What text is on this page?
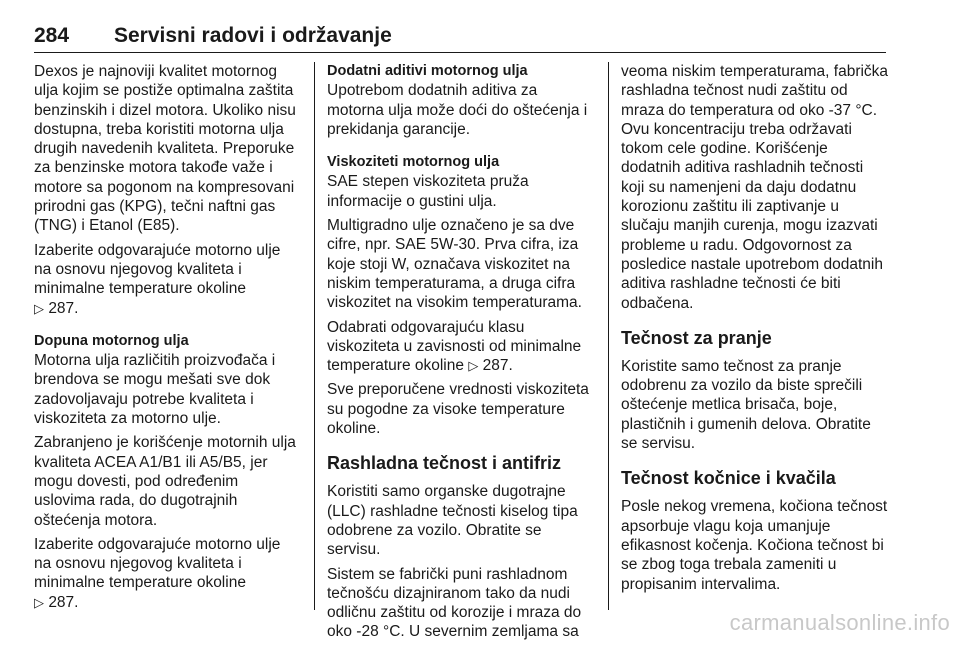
284 Servisni radovi i održavanje

Dexos je najnoviji kvalitet motornog ulja kojim se postiže optimalna zaštita benzinskih i dizel motora. Ukoliko nisu dostupna, treba koristiti motorna ulja drugih navedenih kvaliteta. Preporuke za benzinske motora takođe važe i motore sa pogonom na kompresovani prirodni gas (KPG), tečni naftni gas (TNG) i Etanol (E85).

Izaberite odgovarajuće motorno ulje na osnovu njegovog kvaliteta i minimalne temperature okoline
▷ 287.

Dopuna motornog ulja

Motorna ulja različitih proizvođača i brendova se mogu mešati sve dok zadovoljavaju potrebe kvaliteta i viskoziteta za motorno ulje.

Zabranjeno je korišćenje motornih ulja kvaliteta ACEA A1/B1 ili A5/B5, jer mogu dovesti, pod određenim uslovima rada, do dugotrajnih oštećenja motora.

Izaberite odgovarajuće motorno ulje na osnovu njegovog kvaliteta i minimalne temperature okoline
▷ 287.

Dodatni aditivi motornog ulja

Upotrebom dodatnih aditiva za motorna ulja može doći do oštećenja i prekidanja garancije.

Viskoziteti motornog ulja

SAE stepen viskoziteta pruža informacije o gustini ulja.

Multigradno ulje označeno je sa dve cifre, npr. SAE 5W-30. Prva cifra, iza koje stoji W, označava viskozitet na niskim temperaturama, a druga cifra viskozitet na visokim temperaturama.

Odabrati odgovarajuću klasu viskoziteta u zavisnosti od minimalne temperature okoline ▷ 287.

Sve preporučene vrednosti viskoziteta su pogodne za visoke temperature okoline.

Rashladna tečnost i antifriz

Koristiti samo organske dugotrajne (LLC) rashladne tečnosti kiselog tipa odobrene za vozilo. Obratite se servisu.

Sistem se fabrički puni rashladnom tečnošću dizajniranom tako da nudi odličnu zaštitu od korozije i mraza do oko -28 °C. U severnim zemljama sa

veoma niskim temperaturama, fabrička rashladna tečnost nudi zaštitu od mraza do temperatura od oko -37 °C. Ovu koncentraciju treba održavati tokom cele godine. Korišćenje dodatnih aditiva rashladnih tečnosti koji su namenjeni da daju dodatnu korozionu zaštitu ili zaptivanje u slučaju manjih curenja, mogu izazvati probleme u radu. Odgovornost za posledice nastale upotrebom dodatnih aditiva rashladne tečnosti će biti odbačena.

Tečnost za pranje

Koristite samo tečnost za pranje odobrenu za vozilo da biste sprečili oštećenje metlica brisača, boje, plastičnih i gumenih delova. Obratite se servisu.

Tečnost kočnice i kvačila

Posle nekog vremena, kočiona tečnost apsorbuje vlagu koja umanjuje efikasnost kočenja. Kočiona tečnost bi se zbog toga trebala zameniti u propisanim intervalima.

carmanualsonline.info
